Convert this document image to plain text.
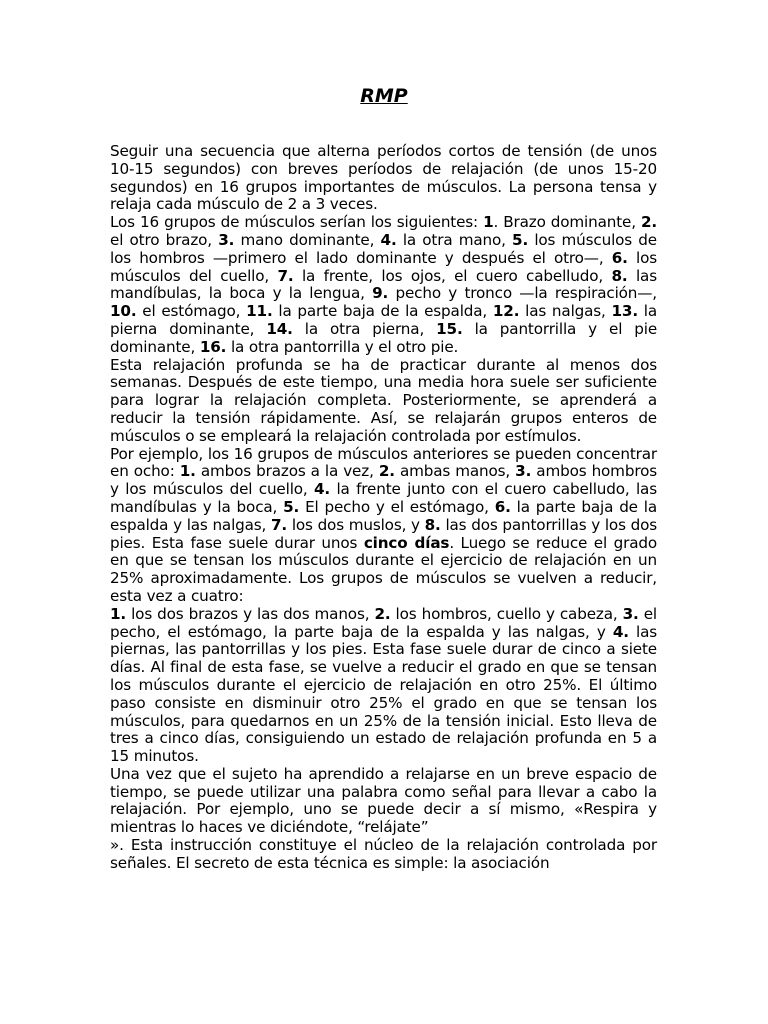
RMP

Seguir una secuencia que alterna períodos cortos de tensión (de unos 10-15 segundos) con breves períodos de relajación (de unos 15-20 segundos) en 16 grupos importantes de músculos. La persona tensa y relaja cada músculo de 2 a 3 veces.

Los 16 grupos de músculos serían los siguientes: 1. Brazo dominante, 2. el otro brazo, 3. mano dominante, 4. la otra mano, 5. los músculos de los hombros —primero el lado dominante y después el otro—, 6. los músculos del cuello, 7. la frente, los ojos, el cuero cabelludo, 8. las mandíbulas, la boca y la lengua, 9. pecho y tronco —la respiración—, 10. el estómago, 11. la parte baja de la espalda, 12. las nalgas, 13. la pierna dominante, 14. la otra pierna, 15. la pantorrilla y el pie dominante, 16. la otra pantorrilla y el otro pie.

Esta relajación profunda se ha de practicar durante al menos dos semanas. Después de este tiempo, una media hora suele ser suficiente para lograr la relajación completa. Posteriormente, se aprenderá a reducir la tensión rápidamente. Así, se relajarán grupos enteros de músculos o se empleará la relajación controlada por estímulos.

Por ejemplo, los 16 grupos de músculos anteriores se pueden concentrar en ocho: 1. ambos brazos a la vez, 2. ambas manos, 3. ambos hombros y los músculos del cuello, 4. la frente junto con el cuero cabelludo, las mandíbulas y la boca, 5. El pecho y el estómago, 6. la parte baja de la espalda y las nalgas, 7. los dos muslos, y 8. las dos pantorrillas y los dos pies. Esta fase suele durar unos cinco días. Luego se reduce el grado en que se tensan los músculos durante el ejercicio de relajación en un 25% aproximadamente. Los grupos de músculos se vuelven a reducir, esta vez a cuatro:

1. los dos brazos y las dos manos, 2. los hombros, cuello y cabeza, 3. el pecho, el estómago, la parte baja de la espalda y las nalgas, y 4. las piernas, las pantorrillas y los pies. Esta fase suele durar de cinco a siete días. Al final de esta fase, se vuelve a reducir el grado en que se tensan los músculos durante el ejercicio de relajación en otro 25%. El último paso consiste en disminuir otro 25% el grado en que se tensan los músculos, para quedarnos en un 25% de la tensión inicial. Esto lleva de tres a cinco días, consiguiendo un estado de relajación profunda en 5 a 15 minutos.

Una vez que el sujeto ha aprendido a relajarse en un breve espacio de tiempo, se puede utilizar una palabra como señal para llevar a cabo la relajación. Por ejemplo, uno se puede decir a sí mismo, «Respira y mientras lo haces ve diciéndote, “relájate”

». Esta instrucción constituye el núcleo de la relajación controlada por señales. El secreto de esta técnica es simple: la asociación
